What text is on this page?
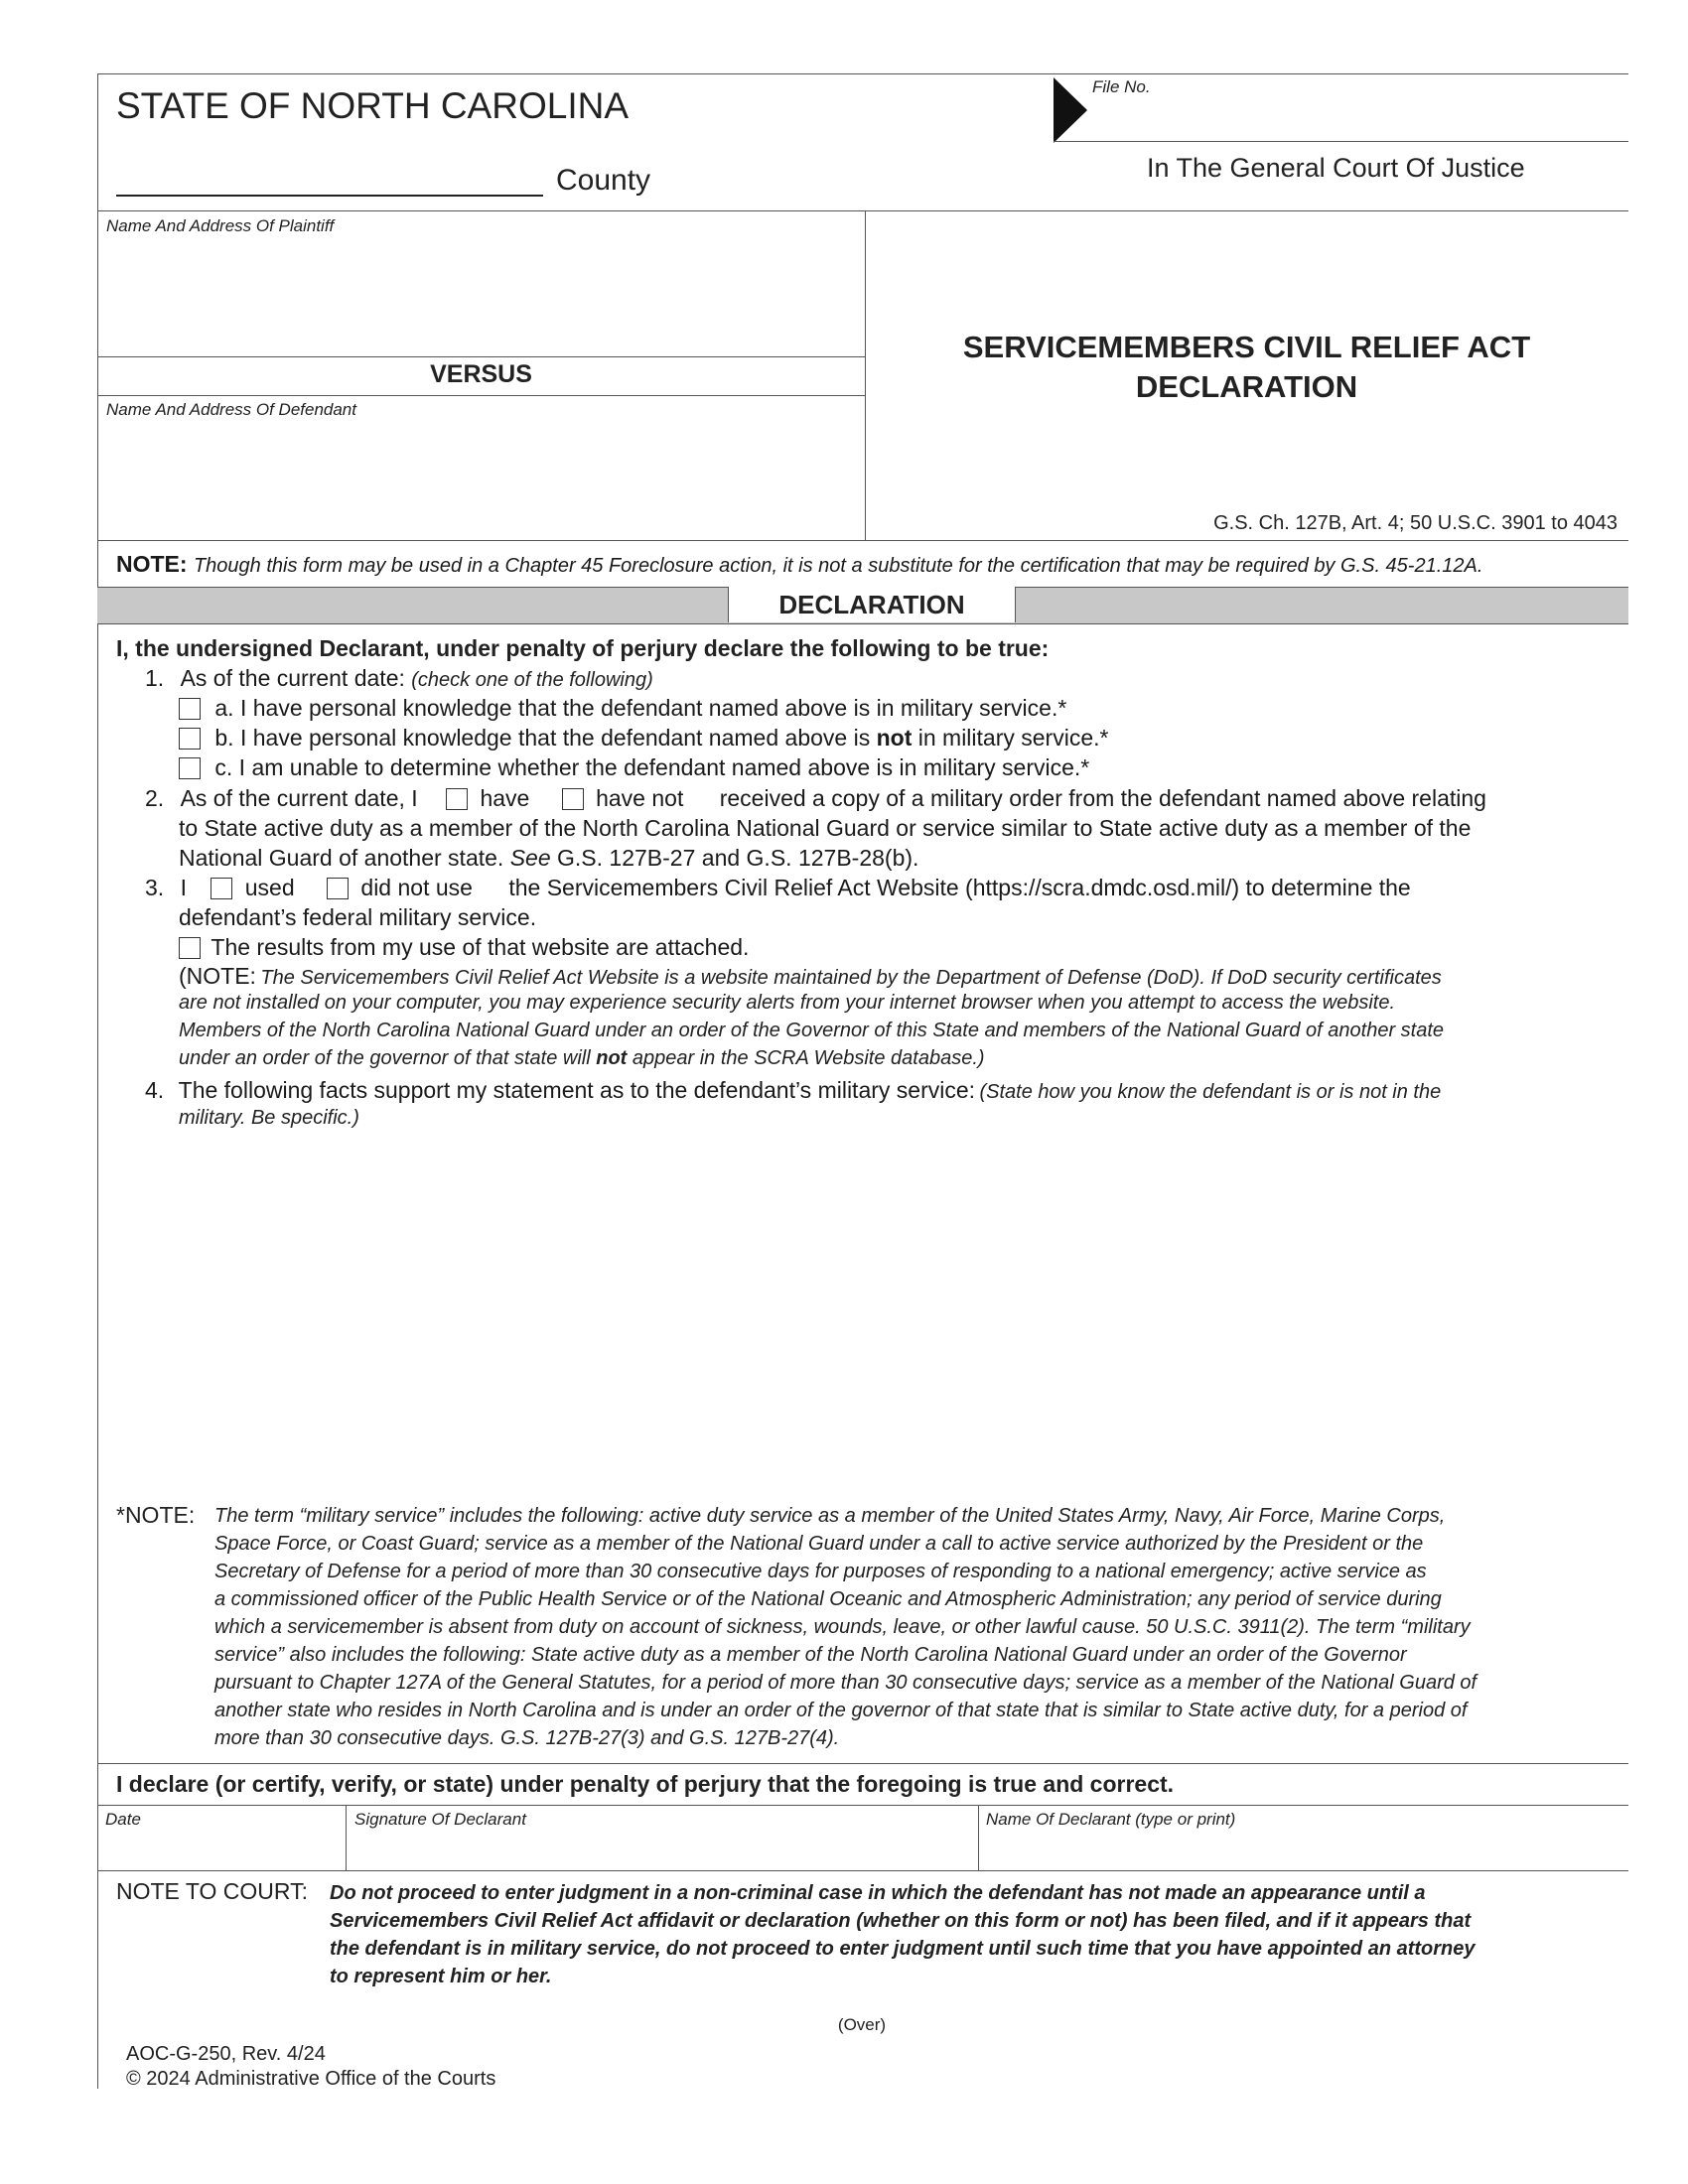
STATE OF NORTH CAROLINA
County
File No.
In The General Court Of Justice
Name And Address Of Plaintiff
VERSUS
Name And Address Of Defendant
SERVICEMEMBERS CIVIL RELIEF ACT
DECLARATION
G.S. Ch. 127B, Art. 4; 50 U.S.C. 3901 to 4043
NOTE: Though this form may be used in a Chapter 45 Foreclosure action, it is not a substitute for the certification that may be required by G.S. 45-21.12A.
DECLARATION
I, the undersigned Declarant, under penalty of perjury declare the following to be true:
1. As of the current date: (check one of the following)
a. I have personal knowledge that the defendant named above is in military service.*
b. I have personal knowledge that the defendant named above is not in military service.*
c. I am unable to determine whether the defendant named above is in military service.*
2. As of the current date, I	have	have not received a copy of a military order from the defendant named above relating
to State active duty as a member of the North Carolina National Guard or service similar to State active duty as a member of the
National Guard of another state. See G.S. 127B-27 and G.S. 127B-28(b).
3. I	used	did not use the Servicemembers Civil Relief Act Website (https://scra.dmdc.osd.mil/) to determine the
defendant’s federal military service.
The results from my use of that website are attached.
(NOTE: The Servicemembers Civil Relief Act Website is a website maintained by the Department of Defense (DoD). If DoD security certificates
are not installed on your computer, you may experience security alerts from your internet browser when you attempt to access the website.
Members of the North Carolina National Guard under an order of the Governor of this State and members of the National Guard of another state
under an order of the governor of that state will not appear in the SCRA Website database.)
4. The following facts support my statement as to the defendant’s military service: (State how you know the defendant is or is not in the
military. Be specific.)
*NOTE: The term “military service” includes the following: active duty service as a member of the United States Army, Navy, Air Force, Marine Corps,
Space Force, or Coast Guard; service as a member of the National Guard under a call to active service authorized by the President or the
Secretary of Defense for a period of more than 30 consecutive days for purposes of responding to a national emergency; active service as
a commissioned officer of the Public Health Service or of the National Oceanic and Atmospheric Administration; any period of service during
which a servicemember is absent from duty on account of sickness, wounds, leave, or other lawful cause. 50 U.S.C. 3911(2). The term “military
service” also includes the following: State active duty as a member of the North Carolina National Guard under an order of the Governor
pursuant to Chapter 127A of the General Statutes, for a period of more than 30 consecutive days; service as a member of the National Guard of
another state who resides in North Carolina and is under an order of the governor of that state that is similar to State active duty, for a period of
more than 30 consecutive days. G.S. 127B-27(3) and G.S. 127B-27(4).
I declare (or certify, verify, or state) under penalty of perjury that the foregoing is true and correct.
Date	Signature Of Declarant	Name Of Declarant (type or print)
NOTE TO COURT: Do not proceed to enter judgment in a non-criminal case in which the defendant has not made an appearance until a
Servicemembers Civil Relief Act affidavit or declaration (whether on this form or not) has been filed, and if it appears that
the defendant is in military service, do not proceed to enter judgment until such time that you have appointed an attorney
to represent him or her.
(Over)
AOC-G-250, Rev. 4/24
© 2024 Administrative Office of the Courts
